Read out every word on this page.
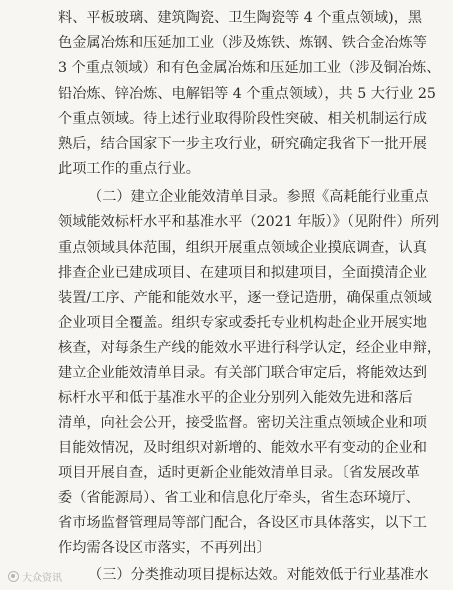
料、平板玻璃、建筑陶瓷、卫生陶瓷等 4 个重点领域)，黑
色金属冶炼和压延加工业（涉及炼铁、炼钢、铁合金冶炼等
3 个重点领域）和有色金属冶炼和压延加工业（涉及铜冶炼、
铅冶炼、锌冶炼、电解铝等 4 个重点领域），共 5 大行业 25
个重点领域。待上述行业取得阶段性突破、相关机制运行成
熟后，结合国家下一步主攻行业，研究确定我省下一批开展
此项工作的重点行业。
（二）建立企业能效清单目录。参照《高耗能行业重点
领域能效标杆水平和基准水平（2021 年版）》（见附件）所列
重点领域具体范围，组织开展重点领域企业摸底调查，认真
排查企业已建成项目、在建项目和拟建项目，全面摸清企业
装置/工序、产能和能效水平，逐一登记造册，确保重点领域
企业项目全覆盖。组织专家或委托专业机构赴企业开展实地
核查，对每条生产线的能效水平进行科学认定，经企业申辩，
建立企业能效清单目录。有关部门联合审定后，将能效达到
标杆水平和低于基准水平的企业分别列入能效先进和落后
清单，向社会公开，接受监督。密切关注重点领域企业和项
目能效情况，及时组织对新增的、能效水平有变动的企业和
项目开展自查，适时更新企业能效清单目录。〔省发展改革
委（省能源局）、省工业和信息化厅牵头，省生态环境厅、
省市场监督管理局等部门配合，各设区市具体落实，以下工
作均需各设区市落实，不再列出〕
（三）分类推动项目提标达效。对能效低于行业基准水
大众资讯
